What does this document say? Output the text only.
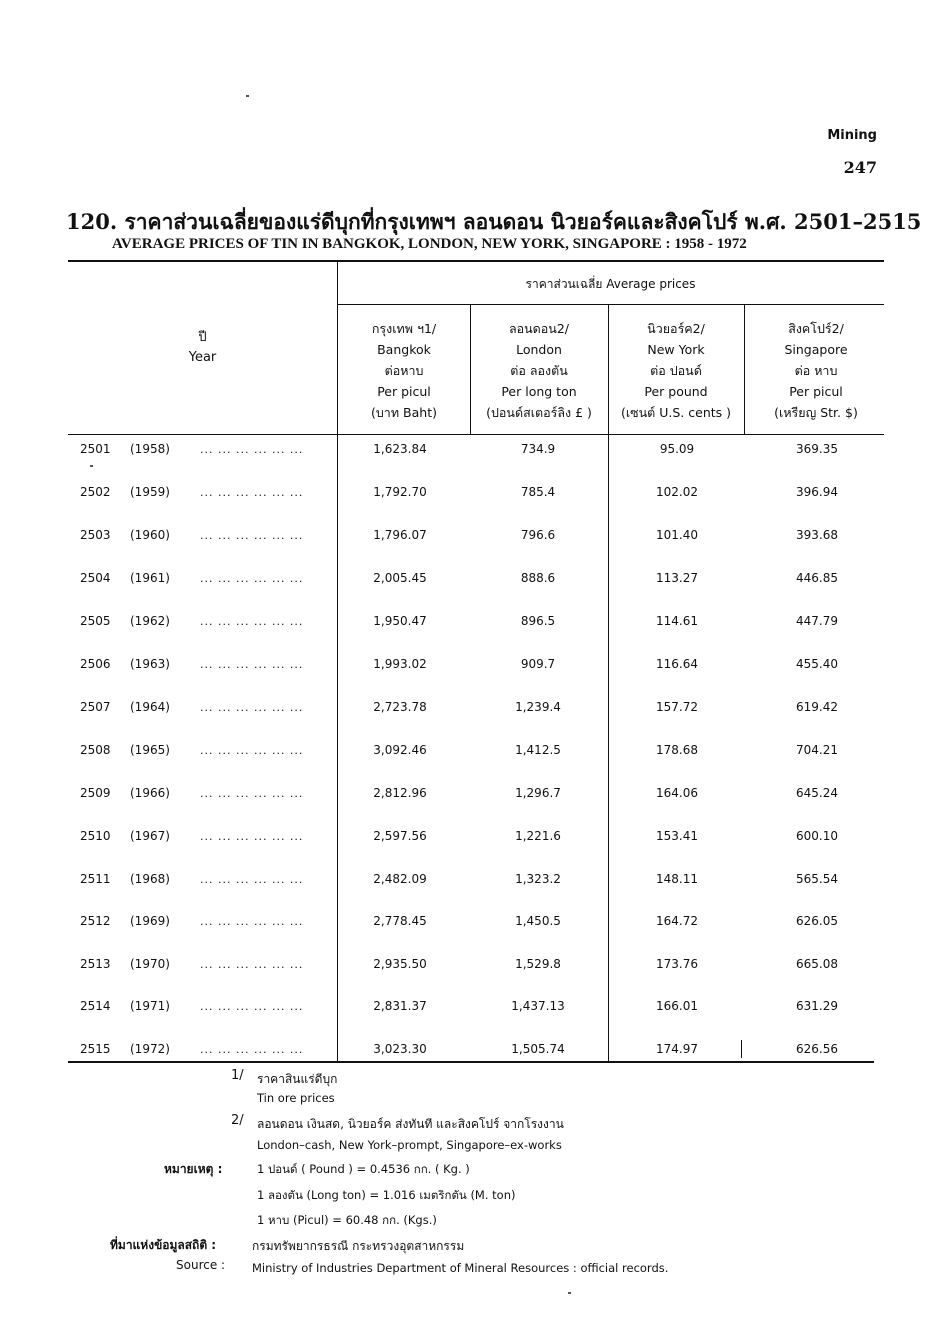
Mining
247
120. ราคาส่วนเฉลี่ยของแร่ดีบุกที่กรุงเทพฯ ลอนดอน นิวยอร์คและสิงคโปร์ พ.ศ. 2501–2515
AVERAGE PRICES OF TIN IN BANGKOK, LONDON, NEW YORK, SINGAPORE : 1958 - 1972
ปี
Year
ราคาส่วนเฉลี่ย Average prices
กรุงเทพ ฯ1/
Bangkok
ต่อหาบ
Per picul
(บาท Baht)
ลอนดอน2/
London
ต่อ ลองตัน
Per long ton
(ปอนด์สเตอร์ลิง £ )
นิวยอร์ค2/
New York
ต่อ ปอนด์
Per pound
(เซนต์ U.S. cents )
สิงคโปร์2/
Singapore
ต่อ หาบ
Per picul
(เหรียญ Str. $)
2501	(1958)	... ... ... ... ... ...	1,623.84	734.9	95.09	369.35
2502	(1959)	... ... ... ... ... ...	1,792.70	785.4	102.02	396.94
2503	(1960)	... ... ... ... ... ...	1,796.07	796.6	101.40	393.68
2504	(1961)	... ... ... ... ... ...	2,005.45	888.6	113.27	446.85
2505	(1962)	... ... ... ... ... ...	1,950.47	896.5	114.61	447.79
2506	(1963)	... ... ... ... ... ...	1,993.02	909.7	116.64	455.40
2507	(1964)	... ... ... ... ... ...	2,723.78	1,239.4	157.72	619.42
2508	(1965)	... ... ... ... ... ...	3,092.46	1,412.5	178.68	704.21
2509	(1966)	... ... ... ... ... ...	2,812.96	1,296.7	164.06	645.24
2510	(1967)	... ... ... ... ... ...	2,597.56	1,221.6	153.41	600.10
2511	(1968)	... ... ... ... ... ...	2,482.09	1,323.2	148.11	565.54
2512	(1969)	... ... ... ... ... ...	2,778.45	1,450.5	164.72	626.05
2513	(1970)	... ... ... ... ... ...	2,935.50	1,529.8	173.76	665.08
2514	(1971)	... ... ... ... ... ...	2,831.37	1,437.13	166.01	631.29
2515	(1972)	... ... ... ... ... ...	3,023.30	1,505.74	174.97	626.56
1/ ราคาสินแร่ดีบุก
Tin ore prices
2/ ลอนดอน เงินสด, นิวยอร์ค ส่งทันที และสิงคโปร์ จากโรงงาน
London–cash, New York–prompt, Singapore–ex-works
หมายเหตุ :	1 ปอนด์ ( Pound ) = 0.4536 กก. ( Kg. )
1 ลองตัน (Long ton) = 1.016 เมตริกตัน (M. ton)
1 หาบ (Picul) = 60.48 กก. (Kgs.)
ที่มาแห่งข้อมูลสถิติ :	กรมทรัพยากรธรณี กระทรวงอุตสาหกรรม
Source : Ministry of Industries Department of Mineral Resources : official records.
